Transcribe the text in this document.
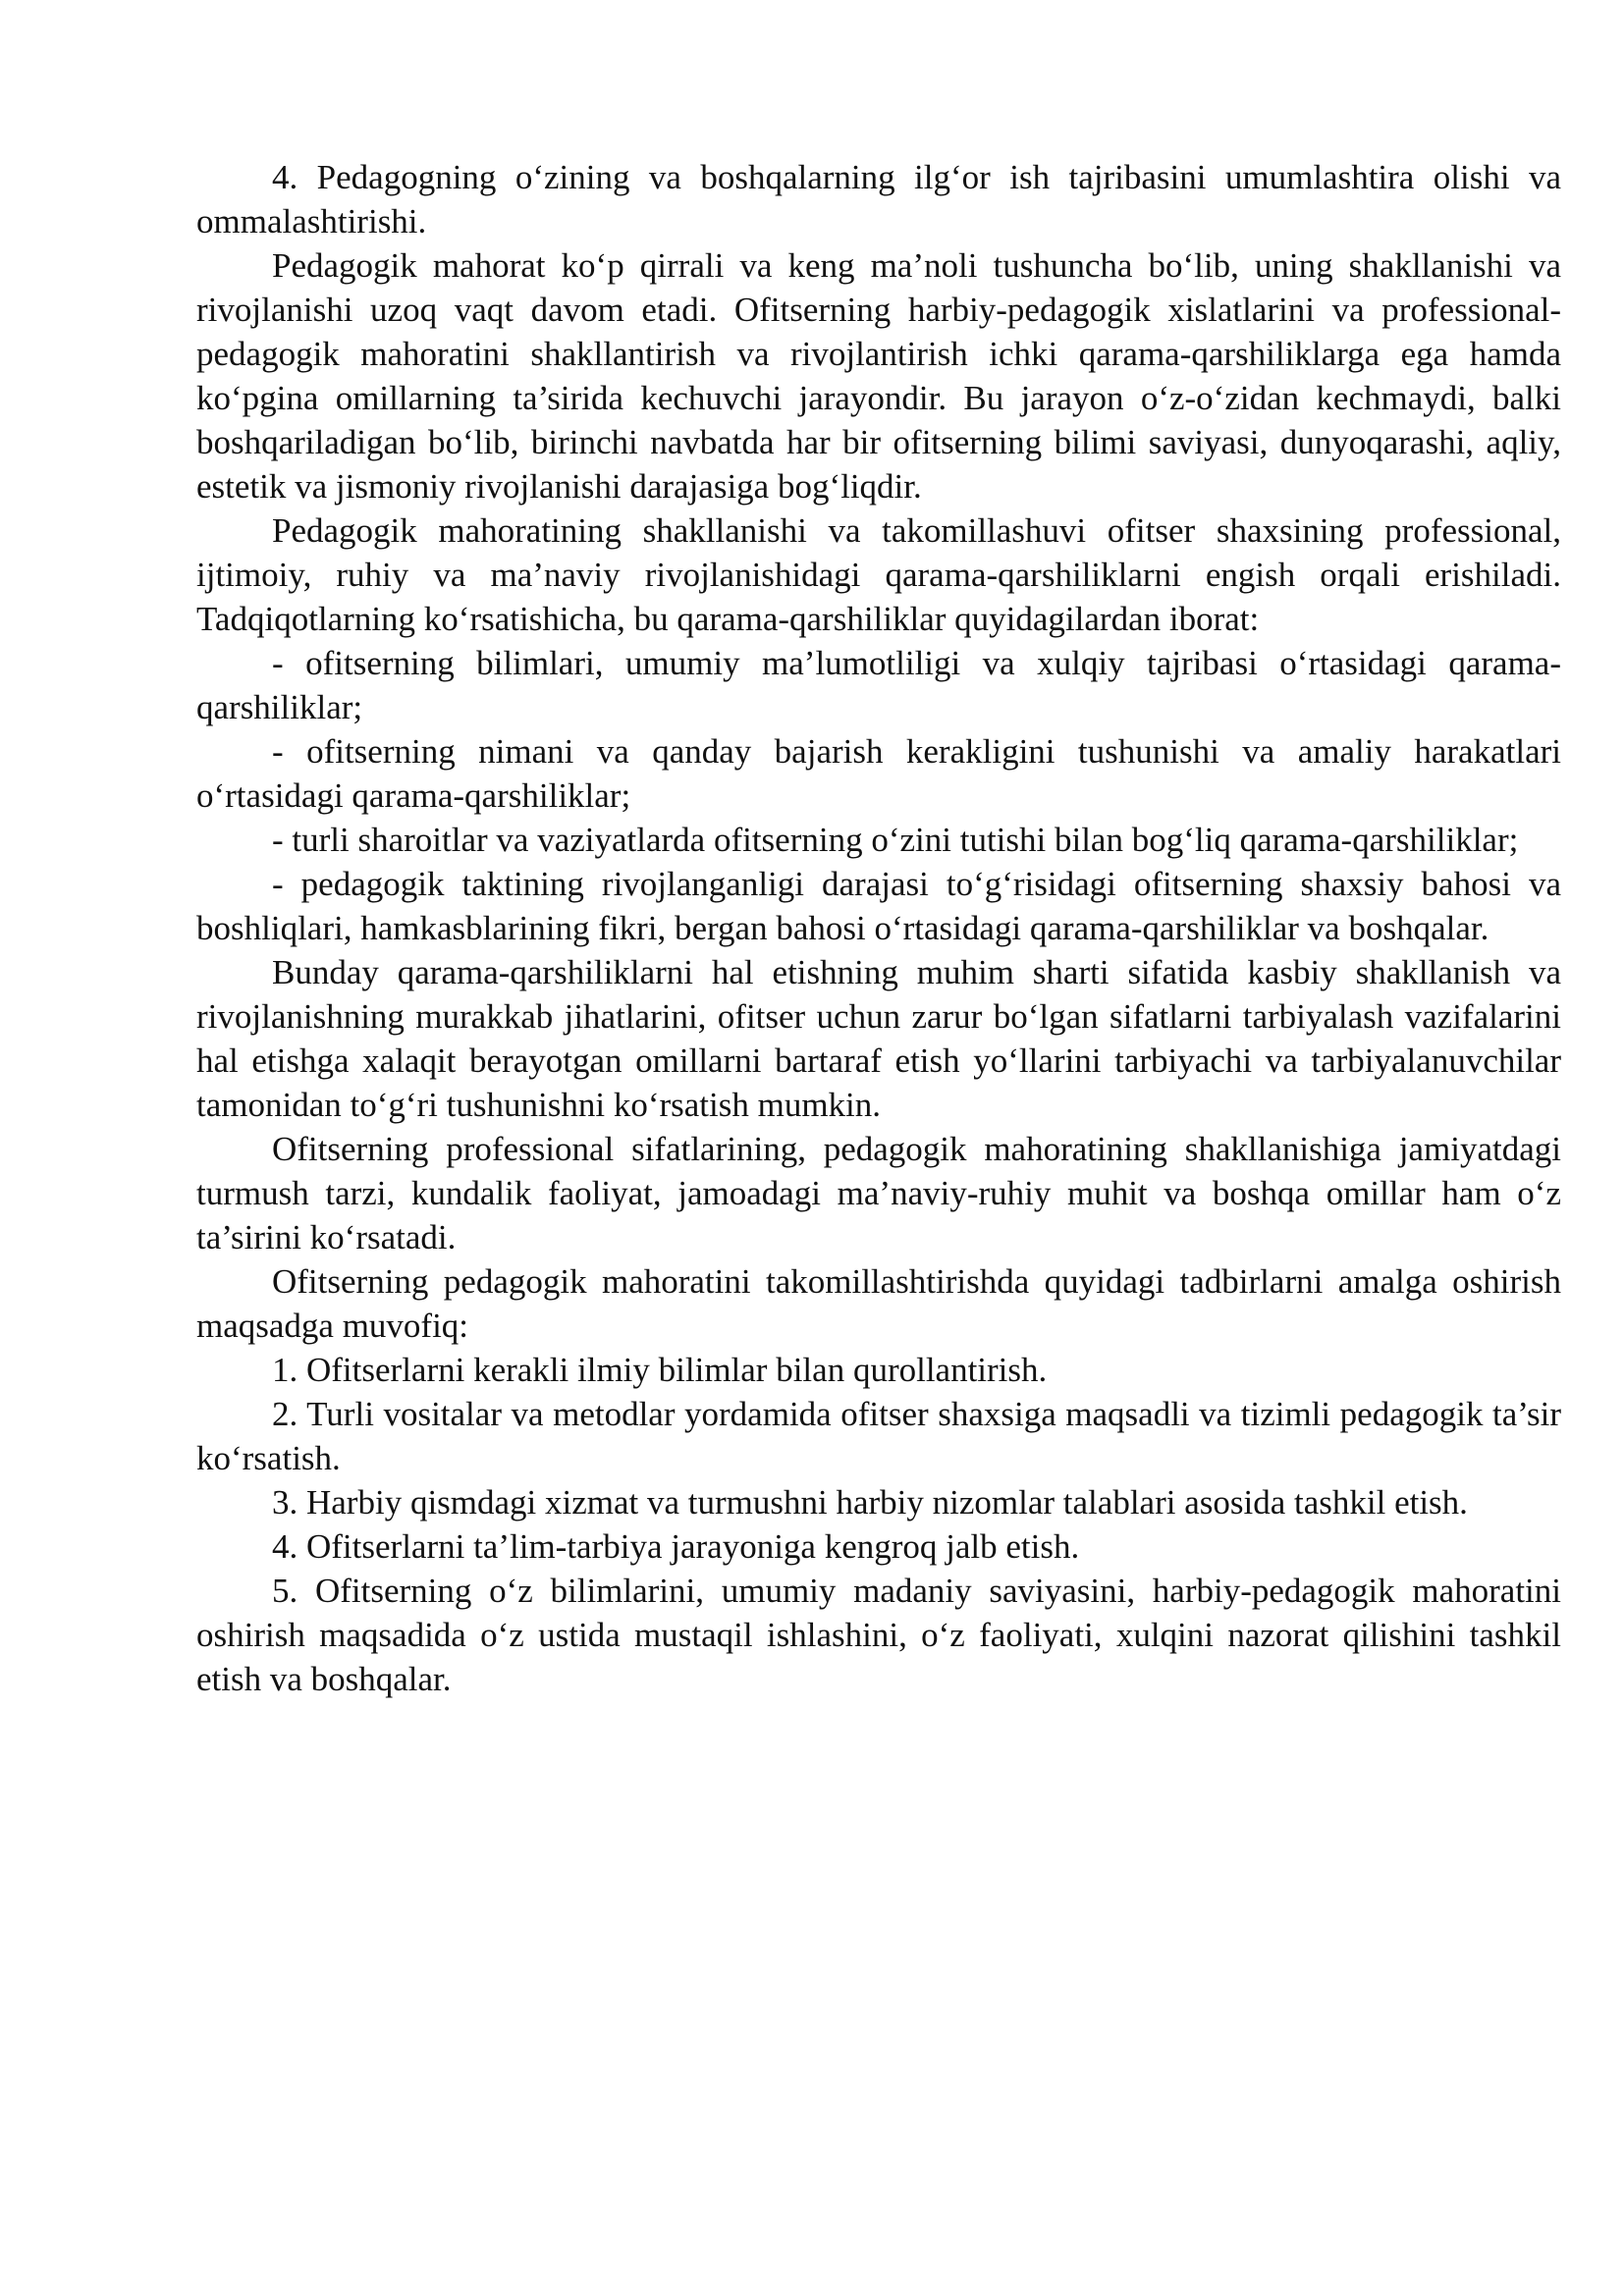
4. Pedagogning o‘zining va boshqalarning ilg‘or ish tajribasini umumlashtira olishi va ommalashtirishi.

Pedagogik mahorat ko‘p qirrali va keng ma’noli tushuncha bo‘lib, uning shakllanishi va rivojlanishi uzoq vaqt davom etadi. Ofitserning harbiy-pedagogik xislatlarini va professional-pedagogik mahoratini shakllantirish va rivojlantirish ichki qarama-qarshiliklarga ega hamda ko‘pgina omillarning ta’sirida kechuvchi jarayondir. Bu jarayon o‘z-o‘zidan kechmaydi, balki boshqariladigan bo‘lib, birinchi navbatda har bir ofitserning bilimi saviyasi, dunyoqarashi, aqliy, estetik va jismoniy rivojlanishi darajasiga bog‘liqdir.

Pedagogik mahoratining shakllanishi va takomillashuvi ofitser shaxsining professional, ijtimoiy, ruhiy va ma’naviy rivojlanishidagi qarama-qarshiliklarni engish orqali erishiladi. Tadqiqotlarning ko‘rsatishicha, bu qarama-qarshiliklar quyidagilardan iborat:

- ofitserning bilimlari, umumiy ma’lumotliligi va xulqiy tajribasi o‘rtasidagi qarama-qarshiliklar;

- ofitserning nimani va qanday bajarish kerakligini tushunishi va amaliy harakatlari o‘rtasidagi qarama-qarshiliklar;

- turli sharoitlar va vaziyatlarda ofitserning o‘zini tutishi bilan bog‘liq qarama-qarshiliklar;

- pedagogik taktining rivojlanganligi darajasi to‘g‘risidagi ofitserning shaxsiy bahosi va boshliqlari, hamkasblarining fikri, bergan bahosi o‘rtasidagi qarama-qarshiliklar va boshqalar.

Bunday qarama-qarshiliklarni hal etishning muhim sharti sifatida kasbiy shakllanish va rivojlanishning murakkab jihatlarini, ofitser uchun zarur bo‘lgan sifatlarni tarbiyalash vazifalarini hal etishga xalaqit berayotgan omillarni bartaraf etish yo‘llarini tarbiyachi va tarbiyalanuvchilar tamonidan to‘g‘ri tushunishni ko‘rsatish mumkin.

Ofitserning professional sifatlarining, pedagogik mahoratining shakllanishiga jamiyatdagi turmush tarzi, kundalik faoliyat, jamoadagi ma’naviy-ruhiy muhit va boshqa omillar ham o‘z ta’sirini ko‘rsatadi.

Ofitserning pedagogik mahoratini takomillashtirishda quyidagi tadbirlarni amalga oshirish maqsadga muvofiq:

1. Ofitserlarni kerakli ilmiy bilimlar bilan qurollantirish.

2. Turli vositalar va metodlar yordamida ofitser shaxsiga maqsadli va tizimli pedagogik ta’sir ko‘rsatish.

3. Harbiy qismdagi xizmat va turmushni harbiy nizomlar talablari asosida tashkil etish.

4. Ofitserlarni ta’lim-tarbiya jarayoniga kengroq jalb etish.

5. Ofitserning o‘z bilimlarini, umumiy madaniy saviyasini, harbiy-pedagogik mahoratini oshirish maqsadida o‘z ustida mustaqil ishlashini, o‘z faoliyati, xulqini nazorat qilishini tashkil etish va boshqalar.
